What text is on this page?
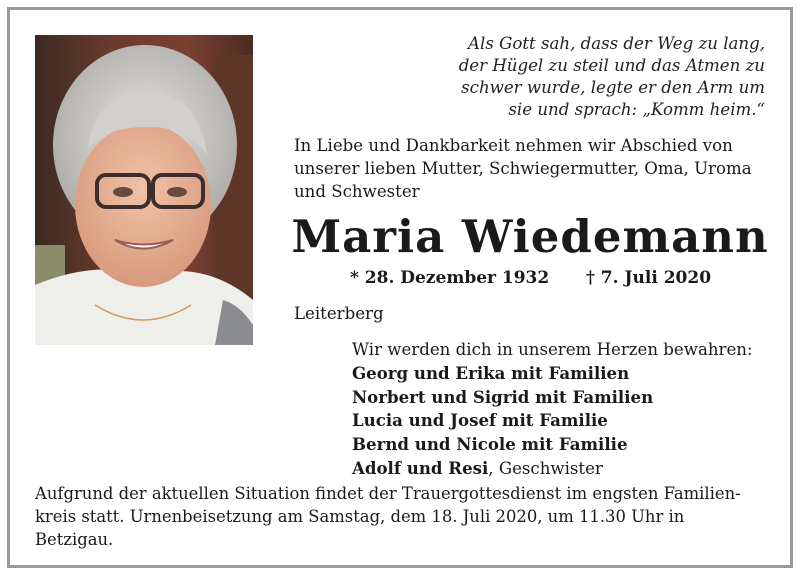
Als Gott sah, dass der Weg zu lang,
der Hügel zu steil und das Atmen zu
schwer wurde, legte er den Arm um
sie und sprach: „Komm heim.“
In Liebe und Dankbarkeit nehmen wir Abschied von
unserer lieben Mutter, Schwiegermutter, Oma, Uroma
und Schwester
Maria Wiedemann
* 28. Dezember 1932 † 7. Juli 2020
Leiterberg
Wir werden dich in unserem Herzen bewahren:
Georg und Erika mit Familien
Norbert und Sigrid mit Familien
Lucia und Josef mit Familie
Bernd und Nicole mit Familie
Adolf und Resi, Geschwister
Aufgrund der aktuellen Situation findet der Trauergottesdienst im engsten Familien-
kreis statt. Urnenbeisetzung am Samstag, dem 18. Juli 2020, um 11.30 Uhr in
Betzigau.
